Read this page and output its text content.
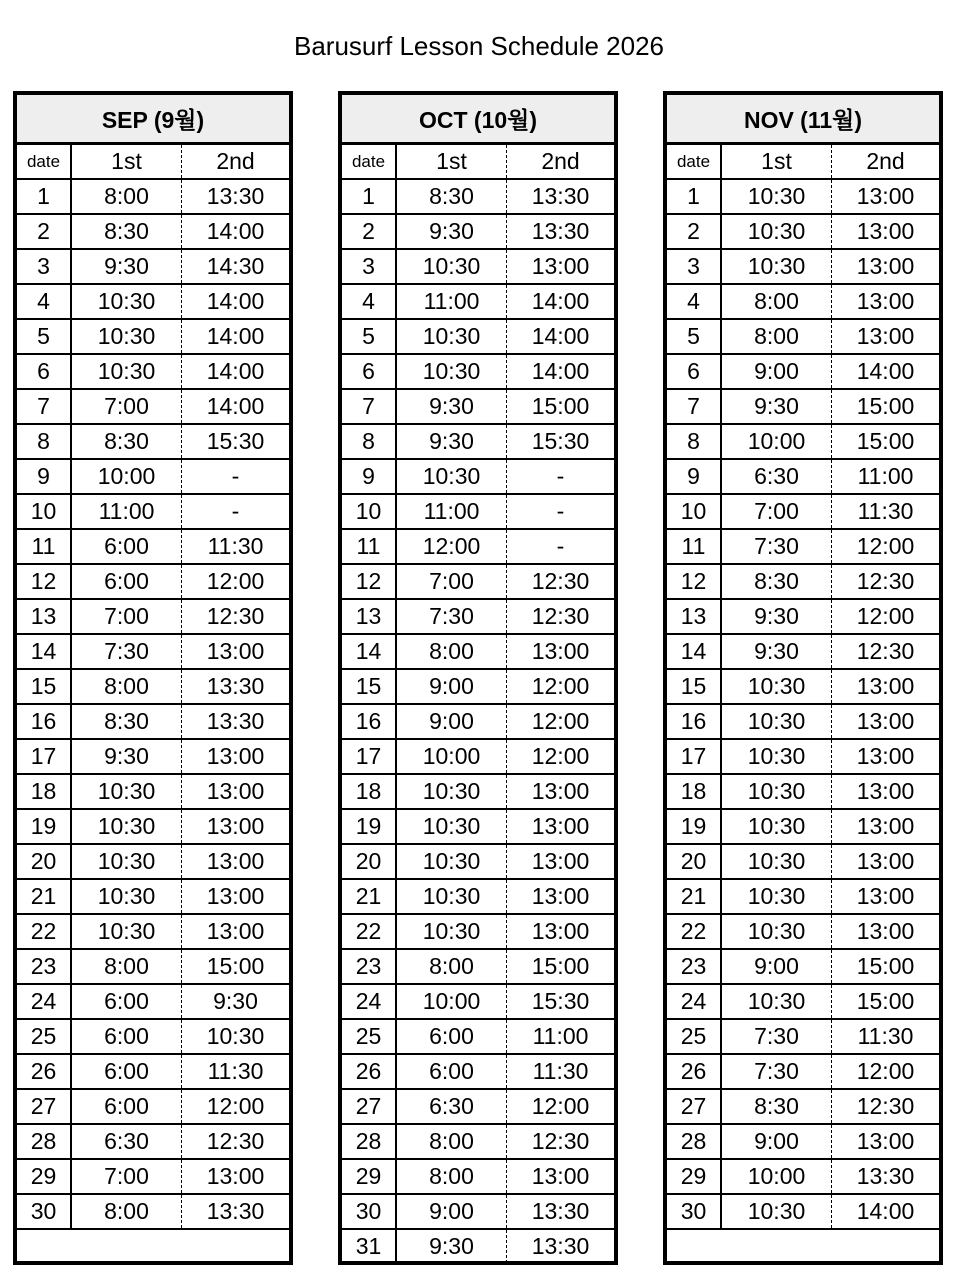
Barusurf Lesson Schedule 2026
SEP (9월)
date	1st	2nd
1	8:00	13:30
2	8:30	14:00
3	9:30	14:30
4	10:30	14:00
5	10:30	14:00
6	10:30	14:00
7	7:00	14:00
8	8:30	15:30
9	10:00	-
10	11:00	-
11	6:00	11:30
12	6:00	12:00
13	7:00	12:30
14	7:30	13:00
15	8:00	13:30
16	8:30	13:30
17	9:30	13:00
18	10:30	13:00
19	10:30	13:00
20	10:30	13:00
21	10:30	13:00
22	10:30	13:00
23	8:00	15:00
24	6:00	9:30
25	6:00	10:30
26	6:00	11:30
27	6:00	12:00
28	6:30	12:30
29	7:00	13:00
30	8:00	13:30
OCT (10월)
date	1st	2nd
1	8:30	13:30
2	9:30	13:30
3	10:30	13:00
4	11:00	14:00
5	10:30	14:00
6	10:30	14:00
7	9:30	15:00
8	9:30	15:30
9	10:30	-
10	11:00	-
11	12:00	-
12	7:00	12:30
13	7:30	12:30
14	8:00	13:00
15	9:00	12:00
16	9:00	12:00
17	10:00	12:00
18	10:30	13:00
19	10:30	13:00
20	10:30	13:00
21	10:30	13:00
22	10:30	13:00
23	8:00	15:00
24	10:00	15:30
25	6:00	11:00
26	6:00	11:30
27	6:30	12:00
28	8:00	12:30
29	8:00	13:00
30	9:00	13:30
31	9:30	13:30
NOV (11월)
date	1st	2nd
1	10:30	13:00
2	10:30	13:00
3	10:30	13:00
4	8:00	13:00
5	8:00	13:00
6	9:00	14:00
7	9:30	15:00
8	10:00	15:00
9	6:30	11:00
10	7:00	11:30
11	7:30	12:00
12	8:30	12:30
13	9:30	12:00
14	9:30	12:30
15	10:30	13:00
16	10:30	13:00
17	10:30	13:00
18	10:30	13:00
19	10:30	13:00
20	10:30	13:00
21	10:30	13:00
22	10:30	13:00
23	9:00	15:00
24	10:30	15:00
25	7:30	11:30
26	7:30	12:00
27	8:30	12:30
28	9:00	13:00
29	10:00	13:30
30	10:30	14:00
